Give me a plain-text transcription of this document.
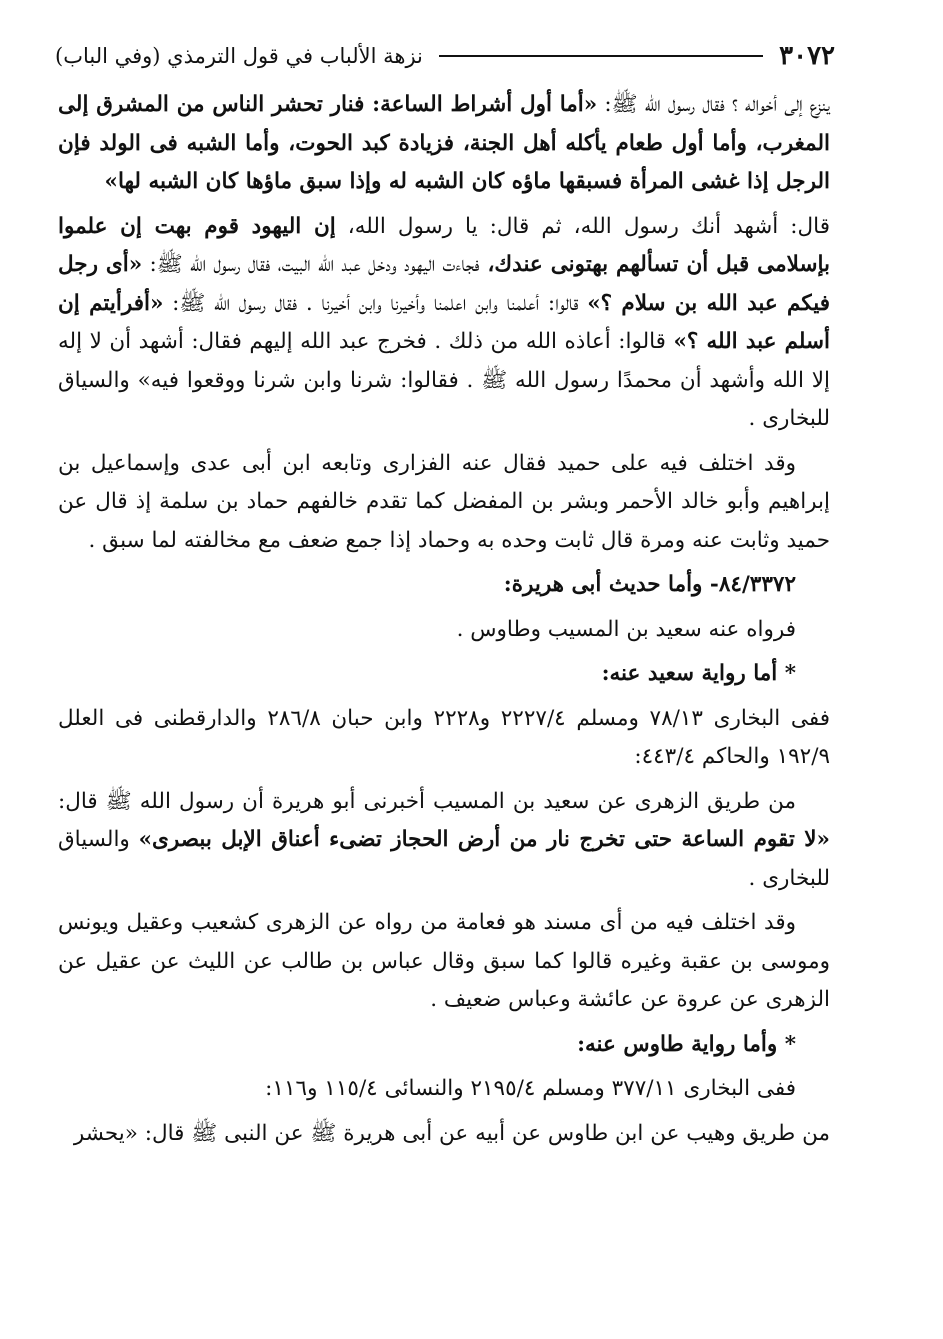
٣٠٧٢
نزهة الألباب في قول الترمذي (وفي الباب)

ينزع إلى أخواله ؟ فقال رسول الله ﷺ: «أما أول أشراط الساعة: فنار تحشر الناس من المشرق إلى المغرب، وأما أول طعام يأكله أهل الجنة، فزيادة كبد الحوت، وأما الشبه فى الولد فإن الرجل إذا غشى المرأة فسبقها ماؤه كان الشبه له وإذا سبق ماؤها كان الشبه لها»

قال: أشهد أنك رسول الله، ثم قال: يا رسول الله، إن اليهود قوم بهت إن علموا بإسلامى قبل أن تسألهم بهتونى عندك، فجاءت اليهود ودخل عبد الله البيت، فقال رسول الله ﷺ: «أى رجل فيكم عبد الله بن سلام ؟» قالوا: أعلمنا وابن اعلمنا وأخيرنا وابن أخيرنا . فقال رسول الله ﷺ: «أفرأيتم إن أسلم عبد الله ؟» قالوا: أعاذه الله من ذلك . فخرج عبد الله إليهم فقال: أشهد أن لا إله إلا الله وأشهد أن محمدًا رسول الله ﷺ . فقالوا: شرنا وابن شرنا ووقعوا فيه» والسياق للبخارى .

وقد اختلف فيه على حميد فقال عنه الفزارى وتابعه ابن أبى عدى وإسماعيل بن إبراهيم وأبو خالد الأحمر وبشر بن المفضل كما تقدم خالفهم حماد بن سلمة إذ قال عن حميد وثابت عنه ومرة قال ثابت وحده به وحماد إذا جمع ضعف مع مخالفته لما سبق .

٨٤/٣٣٧٢- وأما حديث أبى هريرة:

فرواه عنه سعيد بن المسيب وطاوس .

* أما رواية سعيد عنه:

ففى البخارى ٧٨/١٣ ومسلم ٢٢٢٧/٤ و٢٢٢٨ وابن حبان ٢٨٦/٨ والدارقطنى فى العلل ١٩٢/٩ والحاكم ٤٤٣/٤:

من طريق الزهرى عن سعيد بن المسيب أخبرنى أبو هريرة أن رسول الله ﷺ قال: «لا تقوم الساعة حتى تخرج نار من أرض الحجاز تضىء أعناق الإبل ببصرى» والسياق للبخارى .

وقد اختلف فيه من أى مسند هو فعامة من رواه عن الزهرى كشعيب وعقيل ويونس وموسى بن عقبة وغيره قالوا كما سبق وقال عباس بن طالب عن الليث عن عقيل عن الزهرى عن عروة عن عائشة وعباس ضعيف .

* وأما رواية طاوس عنه:

ففى البخارى ٣٧٧/١١ ومسلم ٢١٩٥/٤ والنسائى ١١٥/٤ و١١٦:

من طريق وهيب عن ابن طاوس عن أبيه عن أبى هريرة ﷺ عن النبى ﷺ قال: «يحشر
